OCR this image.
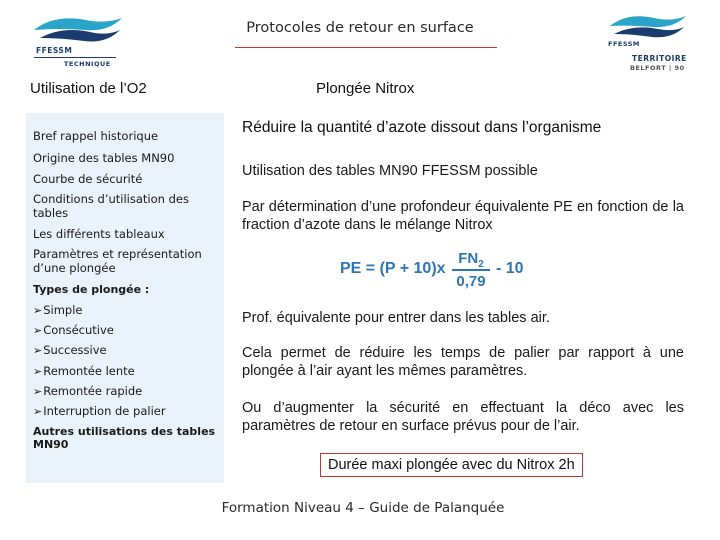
Protocoles de retour en surface
FFESSM
TECHNIQUE
FFESSM
TERRITOIRE
BELFORT | 90
Utilisation de l’O2	Plongée Nitrox
Bref rappel historique
Origine des tables MN90
Courbe de sécurité
Conditions d’utilisation des tables
Les différents tableaux
Paramètres et représentation d’une plongée
Types de plongée :
➢Simple
➢Consécutive
➢Successive
➢Remontée lente
➢Remontée rapide
➢Interruption de palier
Autres utilisations des tables MN90
Réduire la quantité d’azote dissout dans l’organisme
Utilisation des tables MN90 FFESSM possible
Par détermination d’une profondeur équivalente PE en fonction de la fraction d’azote dans le mélange Nitrox
PE = (P + 10)x
$FN_2$
0,79
- 10
Prof. équivalente pour entrer dans les tables air.
Cela permet de réduire les temps de palier par rapport à une plongée à l’air ayant les mêmes paramètres.
Ou d’augmenter la sécurité en effectuant la déco avec les paramètres de retour en surface prévus pour de l’air.
Durée maxi plongée avec du Nitrox 2h
Formation Niveau 4 – Guide de Palanquée
